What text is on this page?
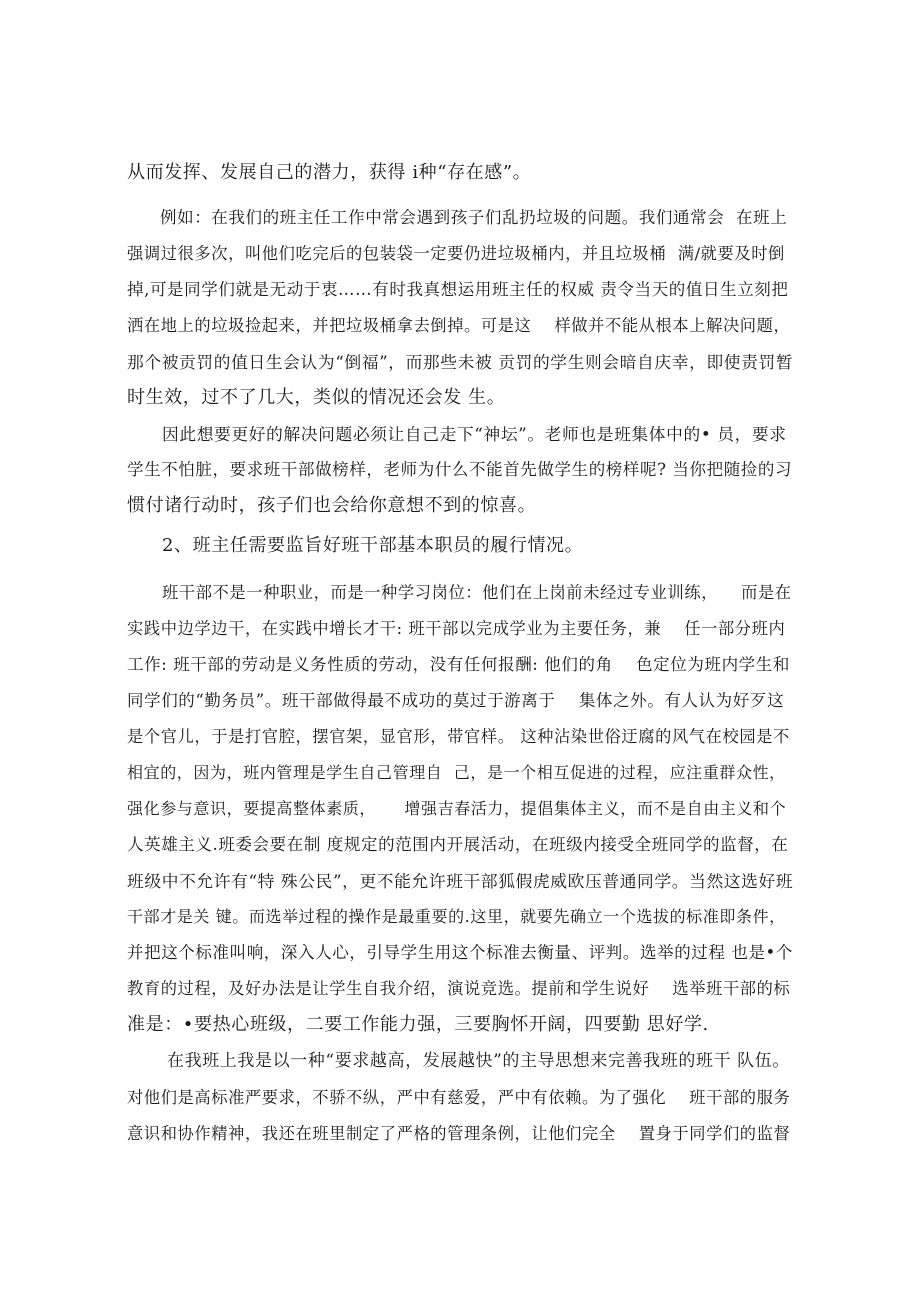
从而发挥、发展自己的潜力，获得 i种“存在感”。
例如：在我们的班主任工作中常会遇到孩子们乱扔垃圾的问题。我们通常会  在班上
强调过很多次，叫他们吃完后的包装袋一定要仍进垃圾桶内，并且垃圾桶  满/就要及时倒
掉,可是同学们就是无动于衷……有时我真想运用班主任的权威 责令当天的值日生立刻把
洒在地上的垃圾捡起来，并把垃圾桶拿去倒掉。可是这    样做并不能从根本上解决问题，
那个被贡罚的值日生会认为“倒福”，而那些未被 贡罚的学生则会暗自庆幸，即使责罚暂
时生效，过不了几大，类似的情况还会发 生。
因此想要更好的解决问题必须让自己走下“神坛”。老师也是班集体中的• 员，要求
学生不怕脏，要求班干部做榜样，老师为什么不能首先做学生的榜样呢? 当你把随捡的习
惯付诸行动时，孩子们也会给你意想不到的惊喜。
2、班主任需要监旨好班干部基本职员的履行情况。
班干部不是一种职业，而是一种学习岗位：他们在上岗前未经过专业训练，    而是在
实践中边学边干，在实践中增长才干: 班干部以完成学业为主要任务，兼    任一部分班内
工作: 班干部的劳动是义务性质的劳动，没有任何报酬: 他们的角    色定位为班内学生和
同学们的“勤务员”。班干部做得最不成功的莫过于游离于    集体之外。有人认为好歹这
是个官儿，于是打官腔，摆官架，显官形，带官样。 这种沾染世俗迂腐的风气在校园是不
相宜的，因为，班内管理是学生自己管理自  己，是一个相互促进的过程，应注重群众性，
强化参与意识，要提高整体素质，     增强吉春活力，提倡集体主义，而不是自由主义和个
人英雄主义.班委会要在制 度规定的范围内开展活动，在班级内接受全班同学的监督，在
班级中不允许有“特 殊公民”，更不能允许班干部狐假虎威欧压普通同学。当然这选好班
干部才是关 键。而选举过程的操作是最重要的.这里，就要先确立一个选拔的标准即条件，
并把这个标准叫响，深入人心，引导学生用这个标准去衡量、评判。选举的过程 也是•个
教育的过程，及好办法是让学生自我介绍，演说竞选。提前和学生说好    选举班干部的标
准是：•要热心班级，二要工作能力强，三要胸怀开阔，四要勤 思好学.
在我班上我是以一种“要求越高，发展越快”的主导思想来完善我班的班干 队伍。
对他们是高标准严要求，不骄不纵，严中有慈爱，严中有依赖。为了强化    班干部的服务
意识和协作精神，我还在班里制定了严格的管理条例，让他们完全    置身于同学们的监督
